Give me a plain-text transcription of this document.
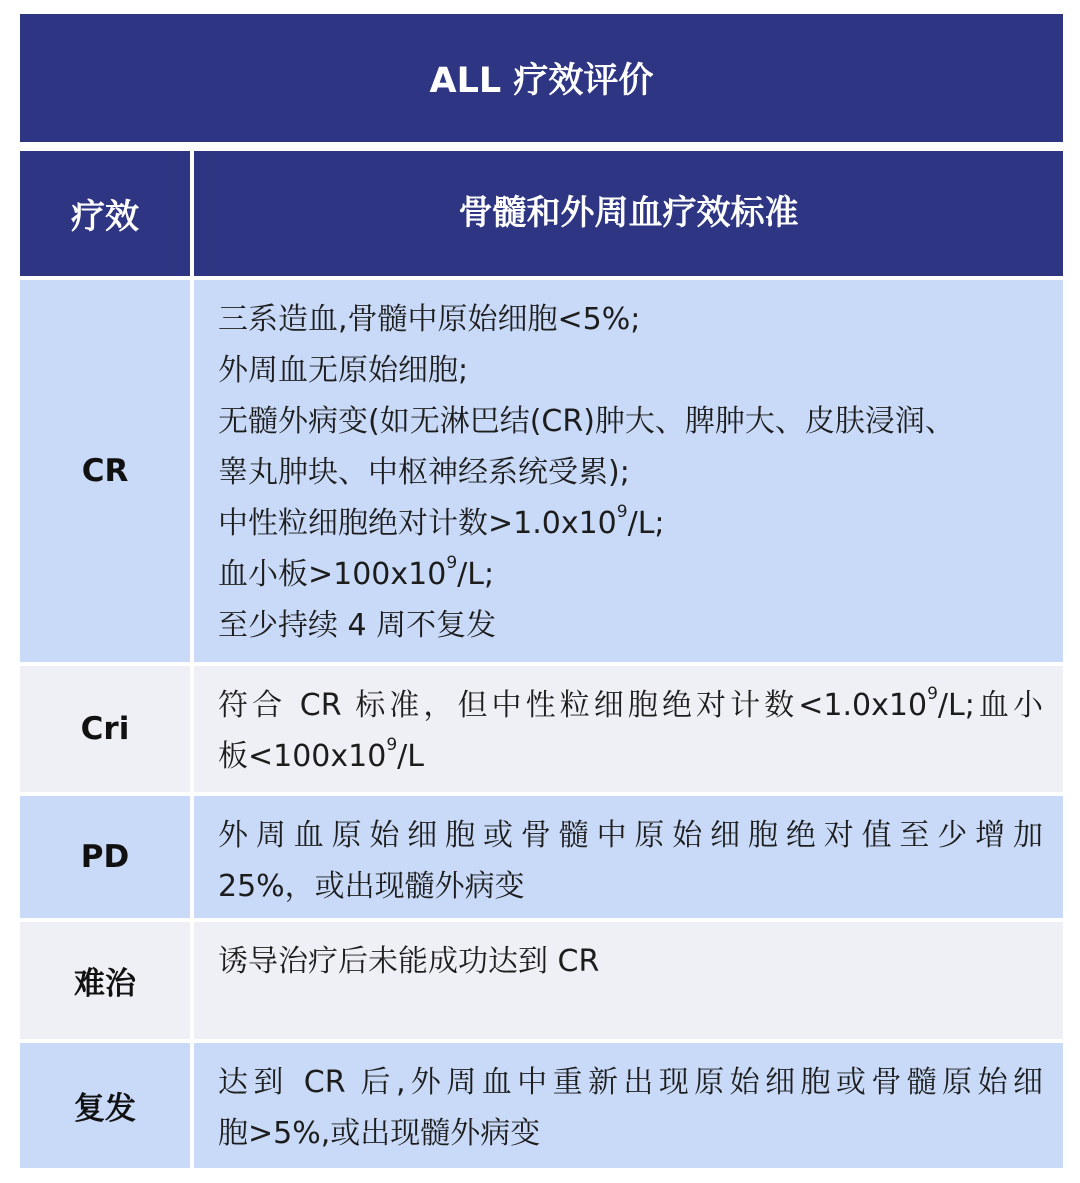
ALL 疗效评价
疗效	骨髓和外周血疗效标准
CR
三系造血,骨髓中原始细胞<5%;
外周血无原始细胞;
无髓外病变(如无淋巴结(CR)肿大、脾肿大、皮肤浸润、
睾丸肿块、中枢神经系统受累);
中性粒细胞绝对计数$>1.0x10^9/L$;
血小板$>100x10^9/L$;
至少持续 4 周不复发
Cri
符合 CR 标准，但中性粒细胞绝对计数$<1.0x10^9/L$;血小
板$<100x10^9/L$
PD
外周血原始细胞或骨髓中原始细胞绝对值至少增加
25%，或出现髓外病变
难治
诱导治疗后未能成功达到 CR
复发
达到 CR 后,外周血中重新出现原始细胞或骨髓原始细
胞>5%,或出现髓外病变
